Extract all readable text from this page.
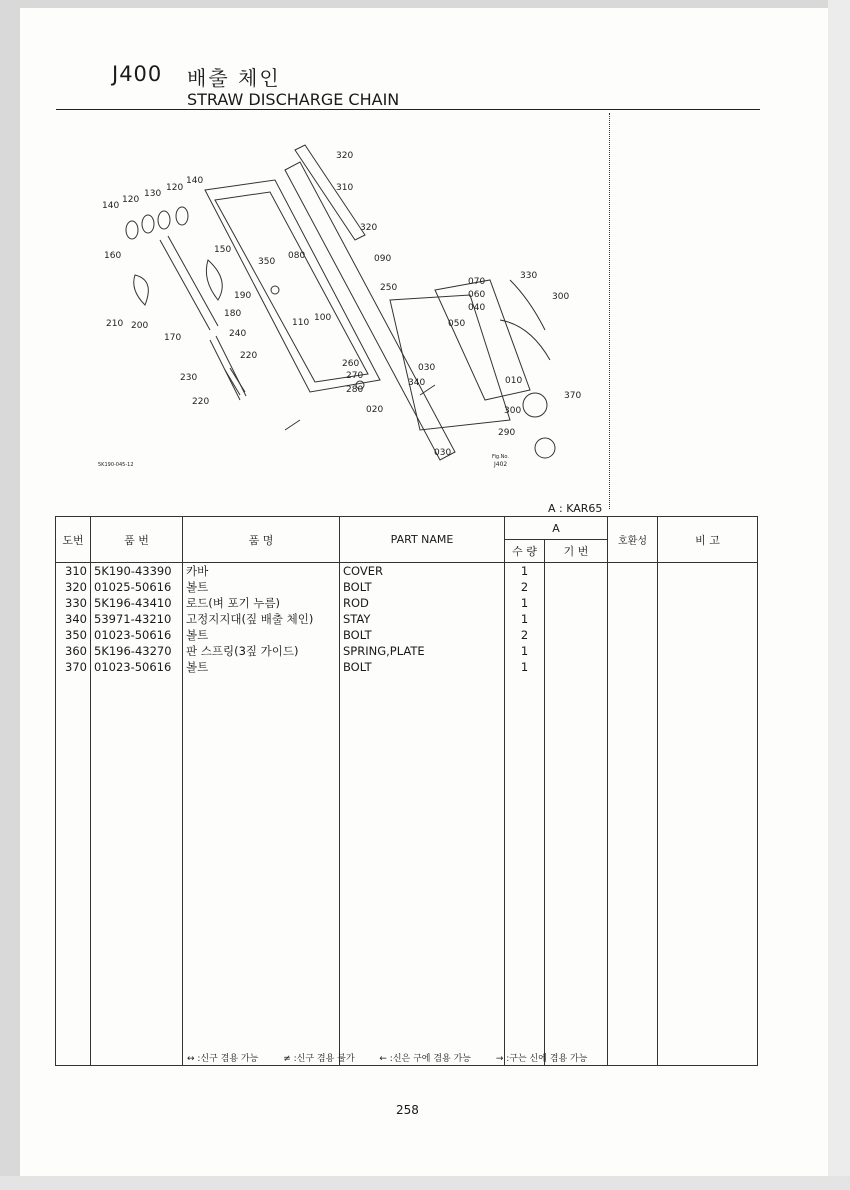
J400 배출 체인
STRAW DISCHARGE CHAIN
320
310
320
140
120
130
120
140
150
160
350
080	090
250
070
060
040
050
330
300
190
180
210 200
170
110 100
240
220
230
220
260
270
280
020
030
340	010
370
300
290
030
5K190-045-12
Fig.No.
J402
A : KAR65
도번	품 번	품 명	PART NAME	A		호환성	비 고
				수 량	기 번		
310	5K190-43390	카바	COVER	1			
320	01025-50616	볼트	BOLT	2			
330	5K196-43410	로드(벼 포기 누름)	ROD	1			
340	53971-43210	고정지지대(짚 배출 체인)	STAY	1			
350	01023-50616	볼트	BOLT	2			
360	5K196-43270	판 스프링(3짚 가이드)	SPRING,PLATE	1			
370	01023-50616	볼트	BOLT	1			

↔ :신구 겸용 가능	≠ :신구 겸용 불가	← :신은 구에 겸용 가능	→ :구는 신에 겸용 가능
258
